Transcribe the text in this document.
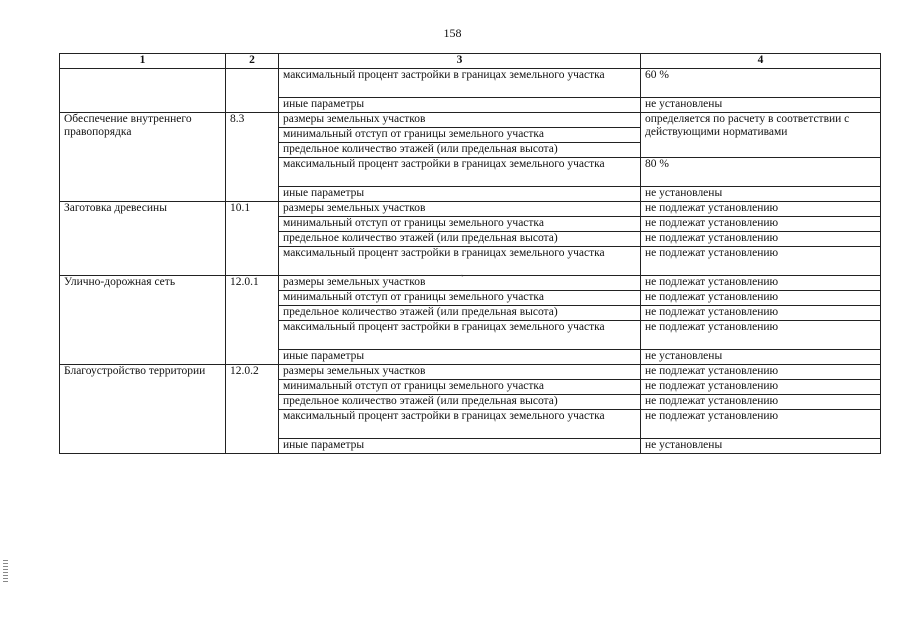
158
1	2	3	4
		максимальный процент застройки в границах земельного участка	60 %
		иные параметры	не установлены
Обеспечение внутреннего правопорядка	8.3	размеры земельных участков	определяется по расчету в соответствии с действующими нормативами
		минимальный отступ от границы земельного участка	
		предельное количество этажей (или предельная высота)	
		максимальный процент застройки в границах земельного участка	80 %
		иные параметры	не установлены
Заготовка древесины	10.1	размеры земельных участков	не подлежат установлению
		минимальный отступ от границы земельного участка	не подлежат установлению
		предельное количество этажей (или предельная высота)	не подлежат установлению
		максимальный процент застройки в границах земельного участка	не подлежат установлению
Улично-дорожная сеть	12.0.1	размеры земельных участков	не подлежат установлению
		минимальный отступ от границы земельного участка	не подлежат установлению
		предельное количество этажей (или предельная высота)	не подлежат установлению
		максимальный процент застройки в границах земельного участка	не подлежат установлению
		иные параметры	не установлены
Благоустройство территории	12.0.2	размеры земельных участков	не подлежат установлению
		минимальный отступ от границы земельного участка	не подлежат установлению
		предельное количество этажей (или предельная высота)	не подлежат установлению
		максимальный процент застройки в границах земельного участка	не подлежат установлению
		иные параметры	не установлены
˛
